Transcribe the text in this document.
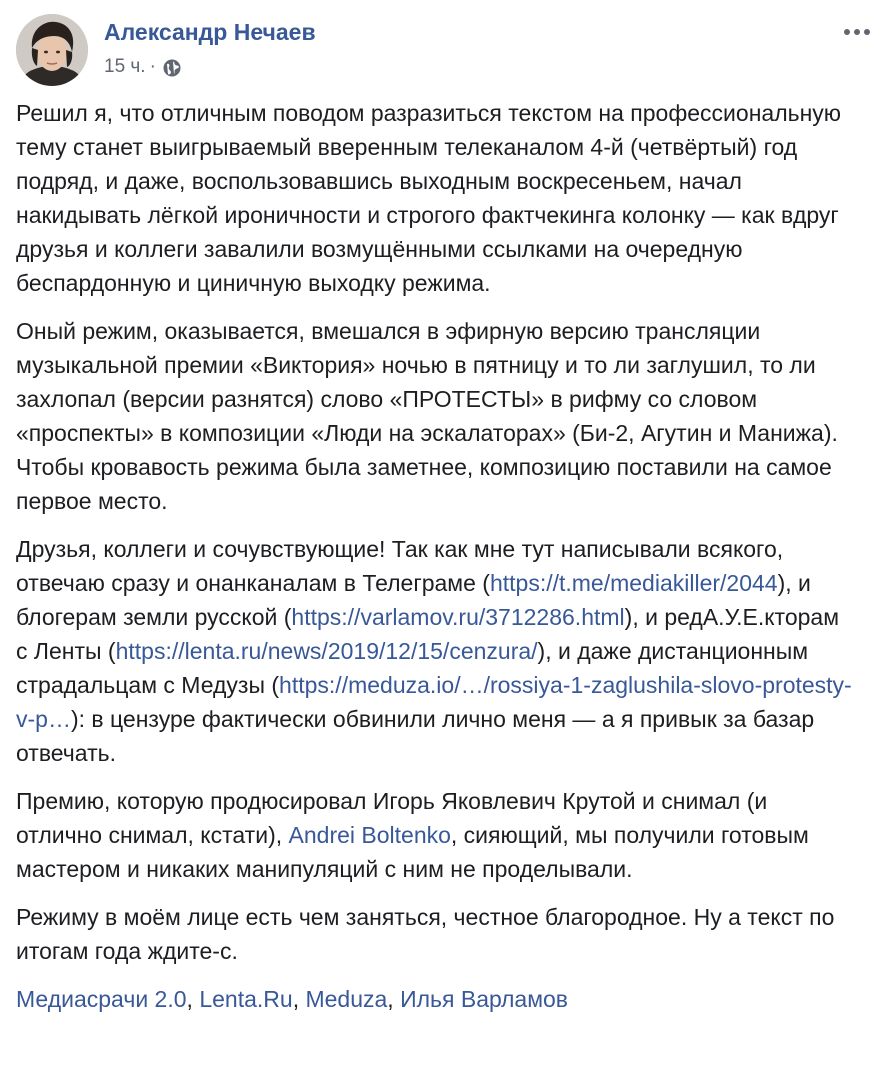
Александр Нечаев
15 ч. ·

Решил я, что отличным поводом разразиться текстом на профессиональную тему станет выигрываемый вверенным телеканалом 4-й (четвёртый) год подряд, и даже, воспользовавшись выходным воскресеньем, начал накидывать лёгкой ироничности и строгого фактчекинга колонку — как вдруг друзья и коллеги завалили возмущёнными ссылками на очередную беспардонную и циничную выходку режима.

Оный режим, оказывается, вмешался в эфирную версию трансляции музыкальной премии «Виктория» ночью в пятницу и то ли заглушил, то ли захлопал (версии разнятся) слово «ПРОТЕСТЫ» в рифму со словом «проспекты» в композиции «Люди на эскалаторах» (Би-2, Агутин и Манижа). Чтобы кровавость режима была заметнее, композицию поставили на самое первое место.

Друзья, коллеги и сочувствующие! Так как мне тут написывали всякого, отвечаю сразу и онанканалам в Телеграме (https://t.me/mediakiller/2044), и блогерам земли русской (https://varlamov.ru/3712286.html), и редА.У.Е.кторам с Ленты (https://lenta.ru/news/2019/12/15/cenzura/), и даже дистанционным страдальцам с Медузы (https://meduza.io/…/rossiya-1-zaglushila-slovo-protesty-v-p…): в цензуре фактически обвинили лично меня — а я привык за базар отвечать.

Премию, которую продюсировал Игорь Яковлевич Крутой и снимал (и отлично снимал, кстати), Andrei Boltenko, сияющий, мы получили готовым мастером и никаких манипуляций с ним не проделывали.

Режиму в моём лице есть чем заняться, честное благородное. Ну а текст по итогам года ждите-с.

Медиасрачи 2.0, Lenta.Ru, Meduza, Илья Варламов
